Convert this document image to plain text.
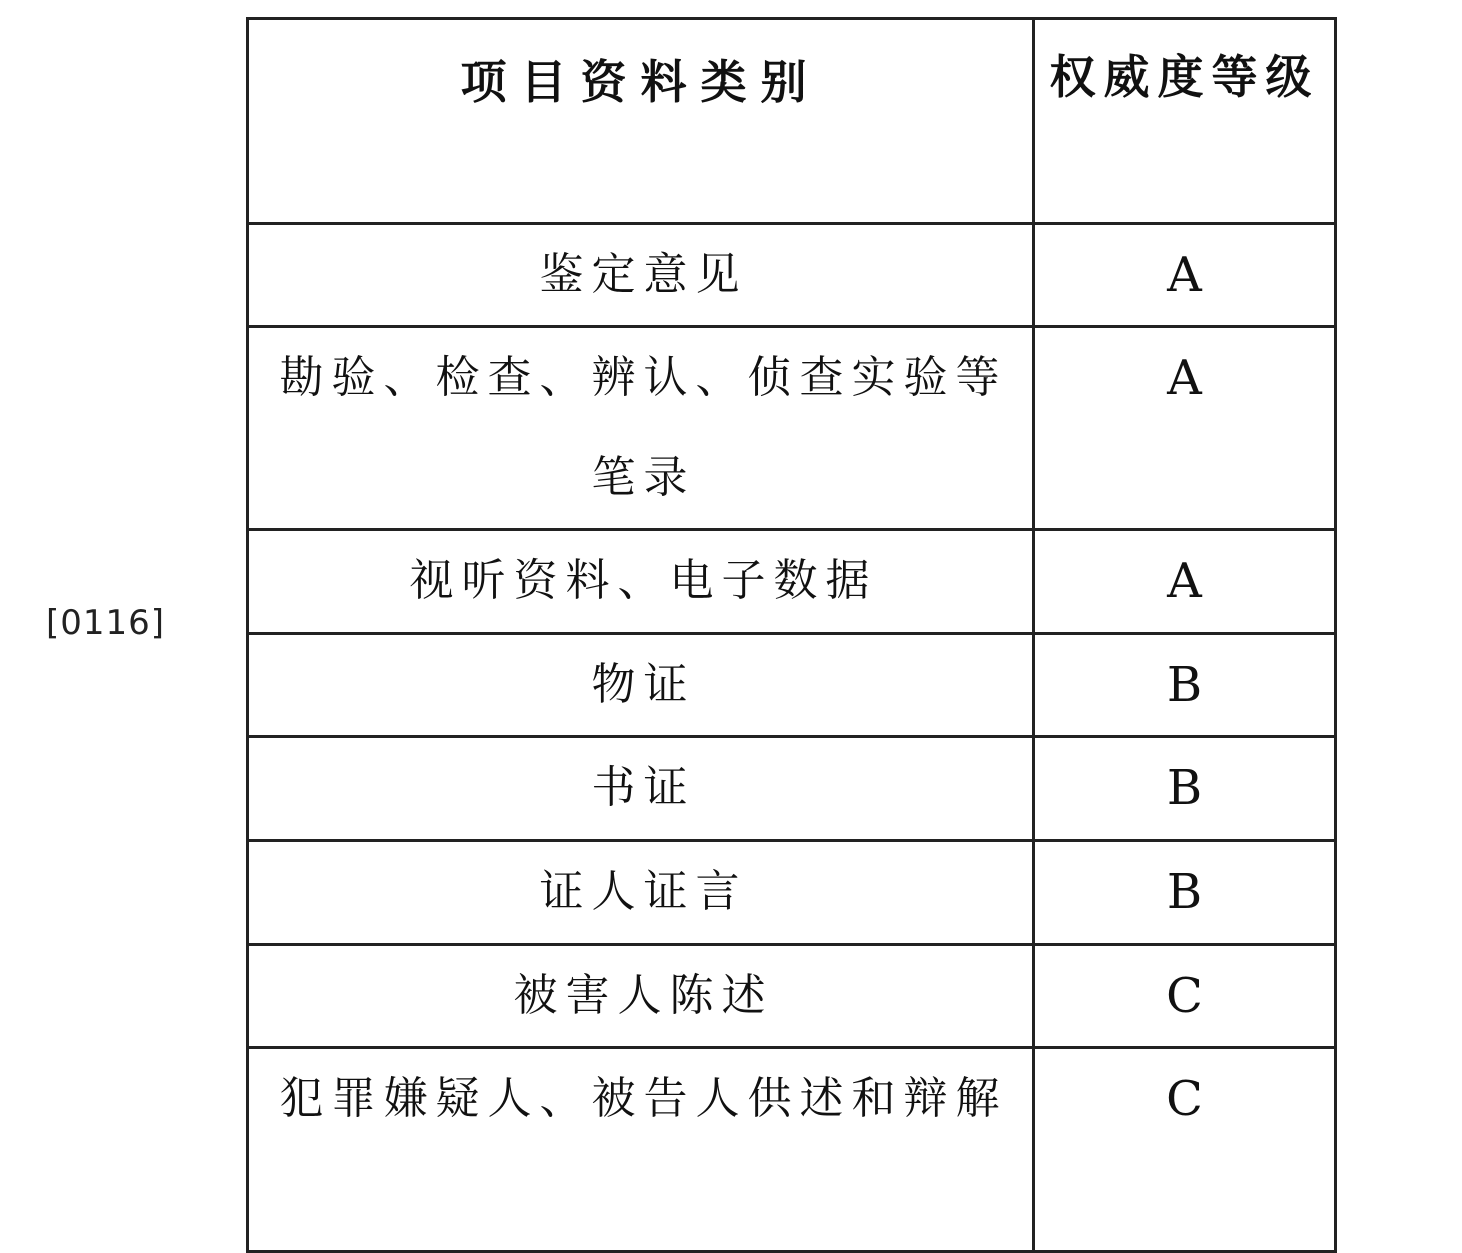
[0116]
项目资料类别	权威度等级
鉴定意见	A
勘验、检查、辨认、侦查实验等笔录	A
视听资料、电子数据	A
物证	B
书证	B
证人证言	B
被害人陈述	C
犯罪嫌疑人、被告人供述和辩解	C
